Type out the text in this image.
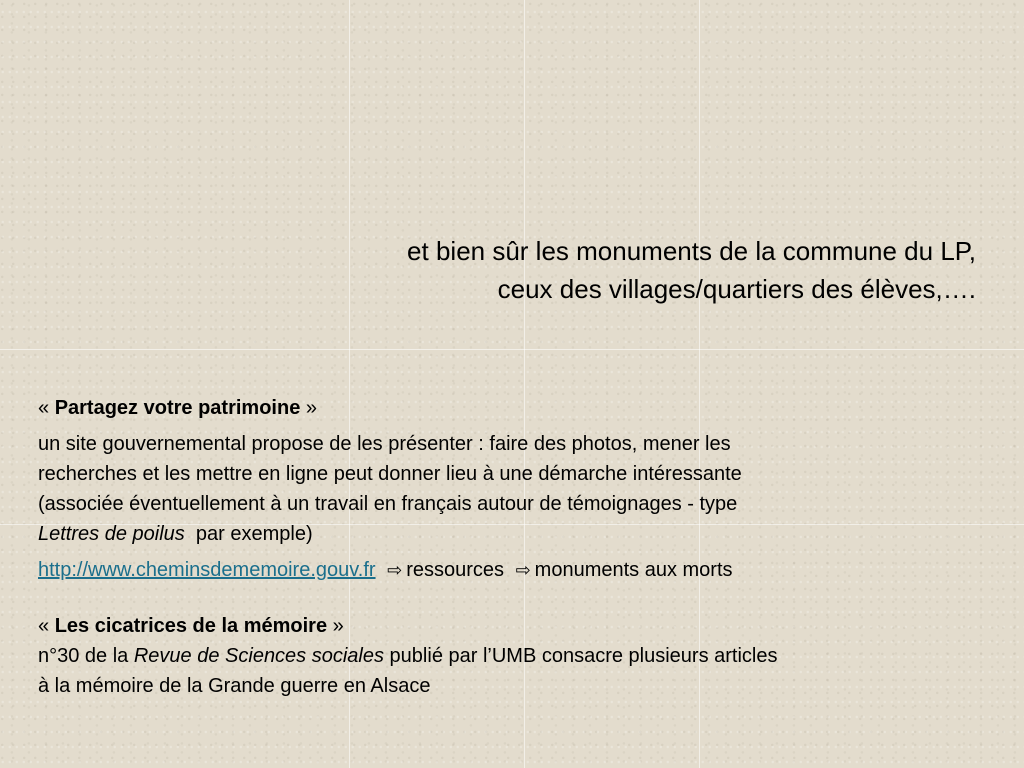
et bien sûr les monuments de la commune du LP,
ceux des villages/quartiers des élèves,….
« Partagez votre patrimoine »
un site gouvernemental propose de les présenter : faire des photos, mener les
recherches et les mettre en ligne peut donner lieu à une démarche intéressante
(associée éventuellement à un travail en français autour de témoignages - type
Lettres de poilus  par exemple)
http://www.cheminsdememoire.gouv.fr ⇨ ressources ⇨ monuments aux morts
« Les cicatrices de la mémoire »
n°30 de la Revue de Sciences sociales publié par l’UMB consacre plusieurs articles
à la mémoire de la Grande guerre en Alsace
